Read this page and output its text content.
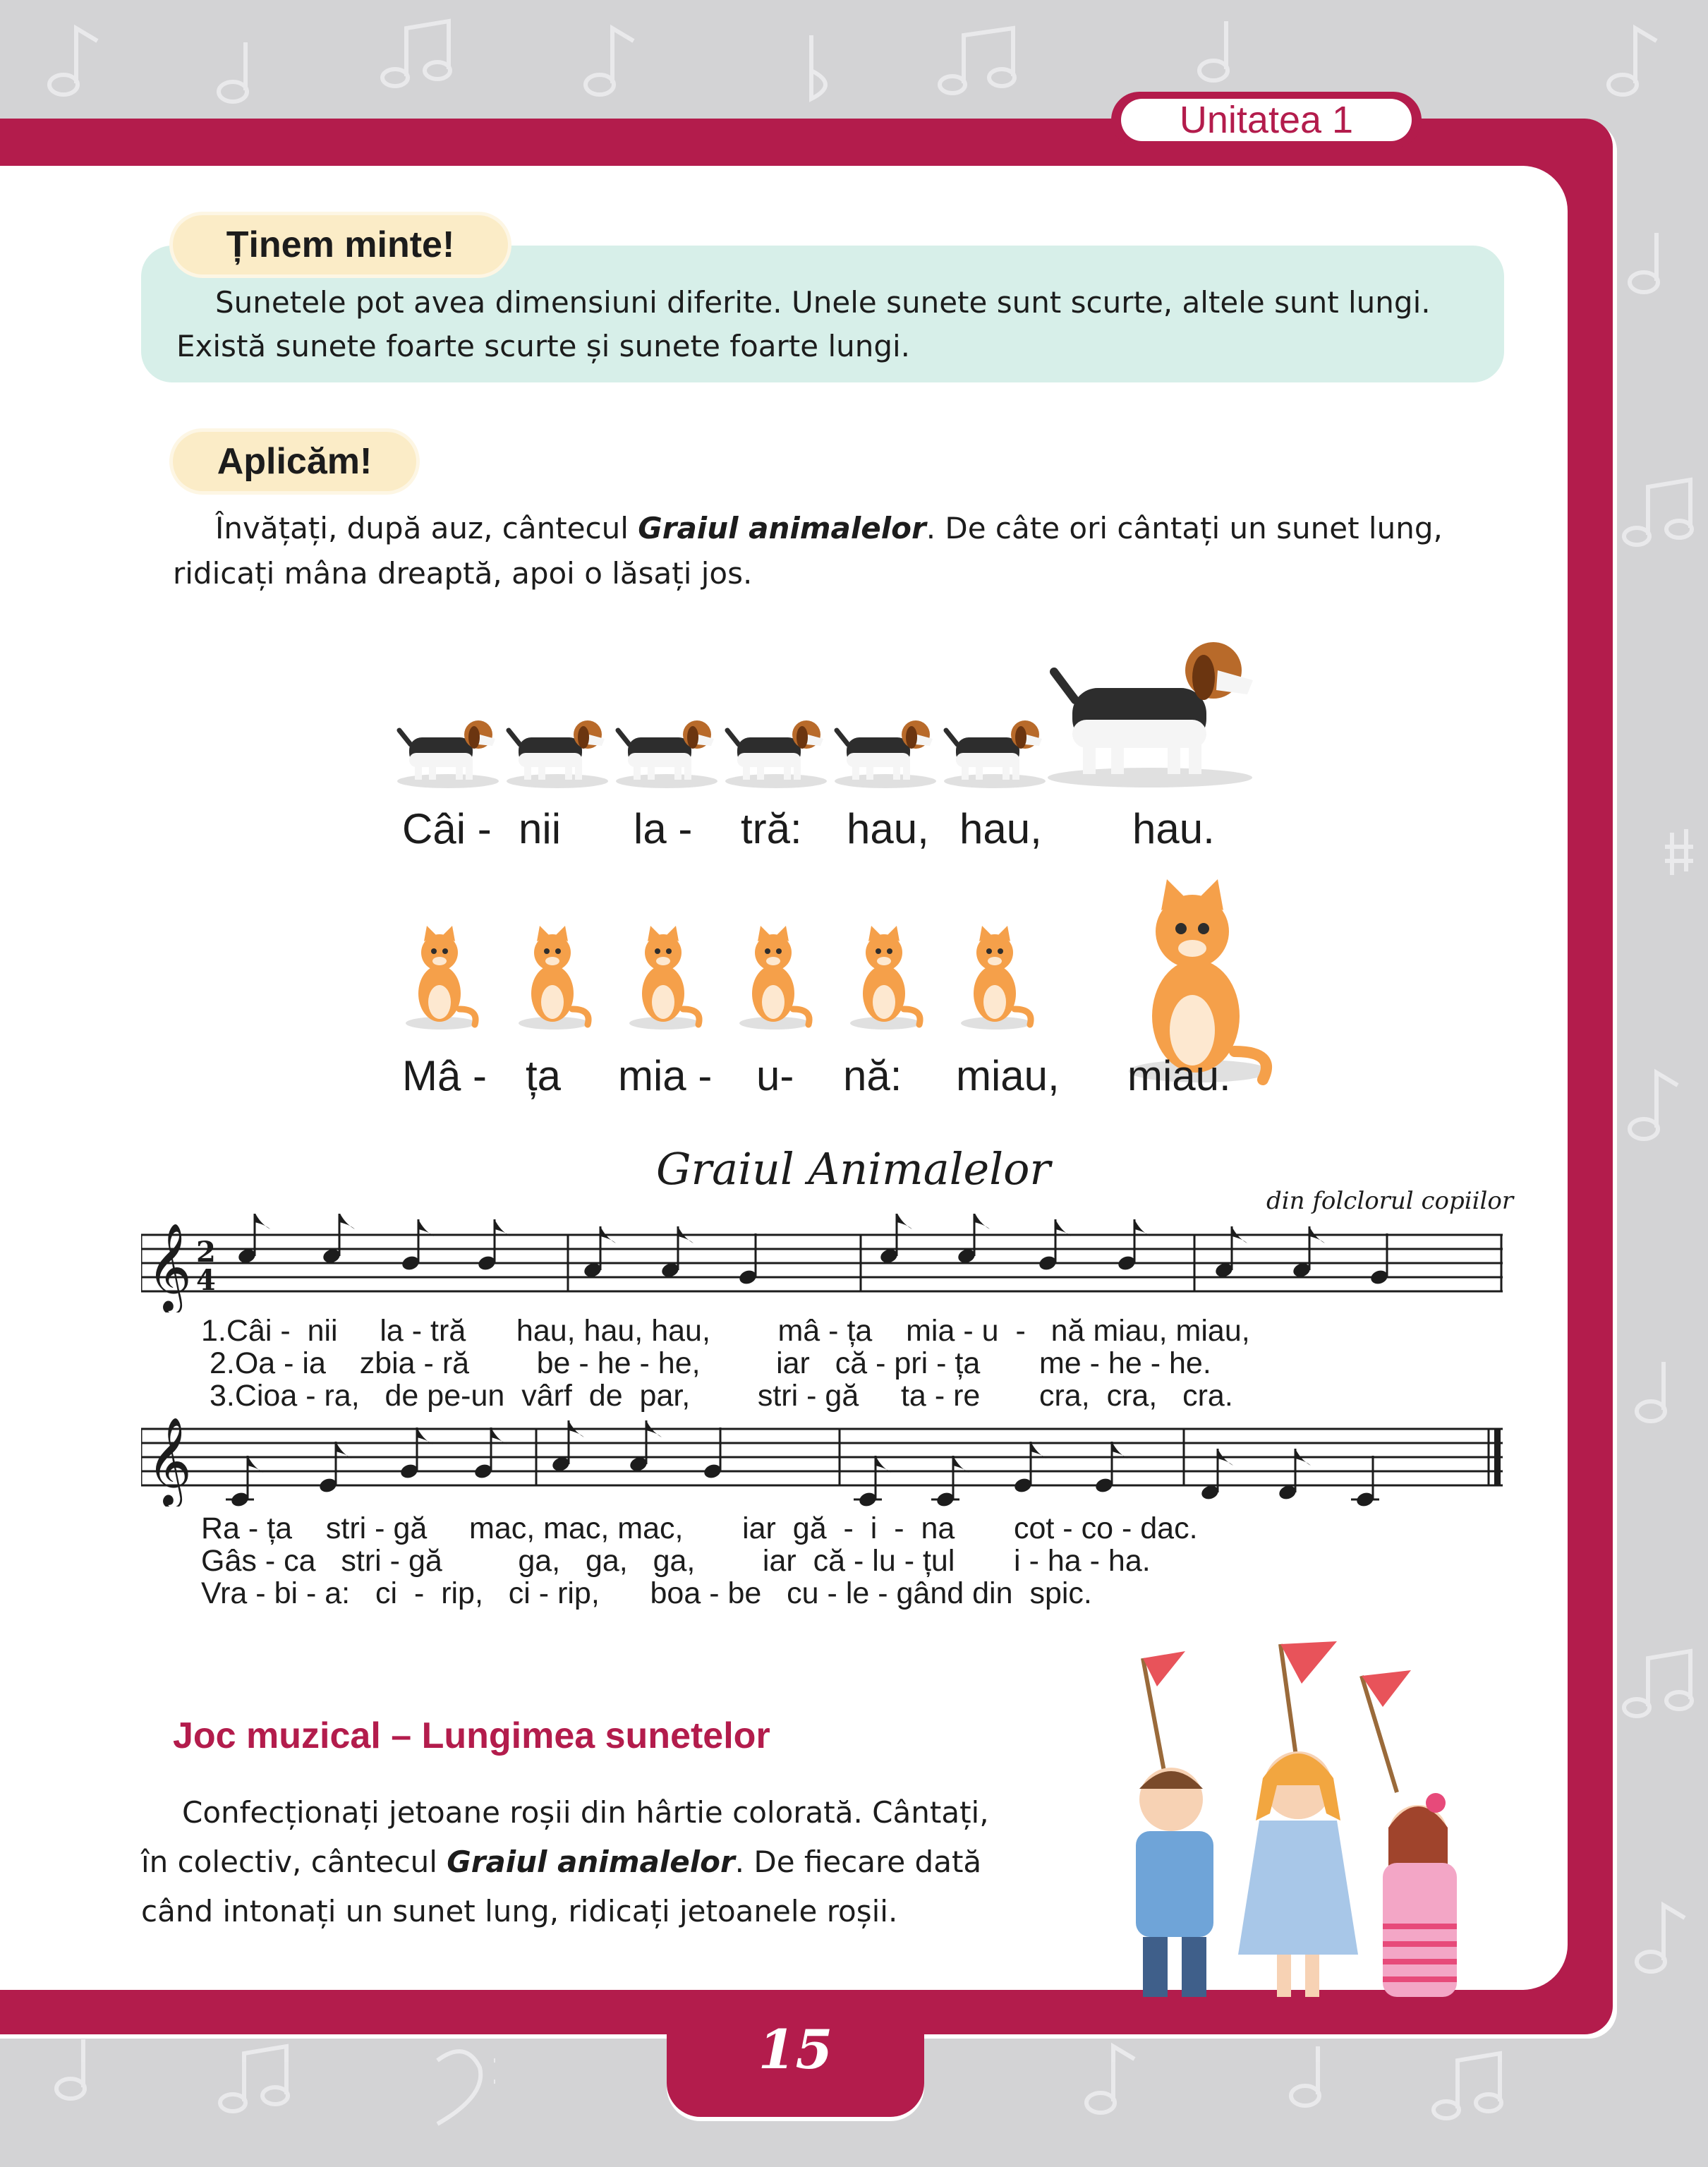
Unitatea 1
Ținem minte!

Sunetele pot avea dimensiuni diferite. Unele sunete sunt scurte, altele sunt lungi.

Există sunete foarte scurte și sunete foarte lungi.

Aplicăm!

Învățați, după auz, cântecul Graiul animalelor. De câte ori cântați un sunet lung,

ridicați mâna dreaptă, apoi o lăsați jos.

Câi - nii la - tră: hau, hau, hau.
Mâ - ța mia - u- nă: miau, miau.
Graiul Animalelor
din folclorul copiilor
𝄞 2
4
1.Câi - nii la - tră hau, hau, hau, mâ - ța mia - u - nă miau, miau,
2.Oa - ia zbia - ră be - he - he,	iar că - pri - ța me - he - he.
3.Cioa - ra, de pe-un vârf de par, stri - gă ta - re cra, cra, cra.
𝄞
Ra - ța stri - gă mac, mac, mac, iar gă - i - na cot - co - dac.
Gâs - ca stri - gă	ga, ga, ga, iar că - lu - țul i - ha - ha.
Vra - bi - a: ci - rip, ci - rip, boa - be cu - le - gând din spic.
Joc muzical – Lungimea sunetelor

Confecționați jetoane roșii din hârtie colorată. Cântați,

în colectiv, cântecul Graiul animalelor. De fiecare dată

când intonați un sunet lung, ridicați jetoanele roșii.

15
